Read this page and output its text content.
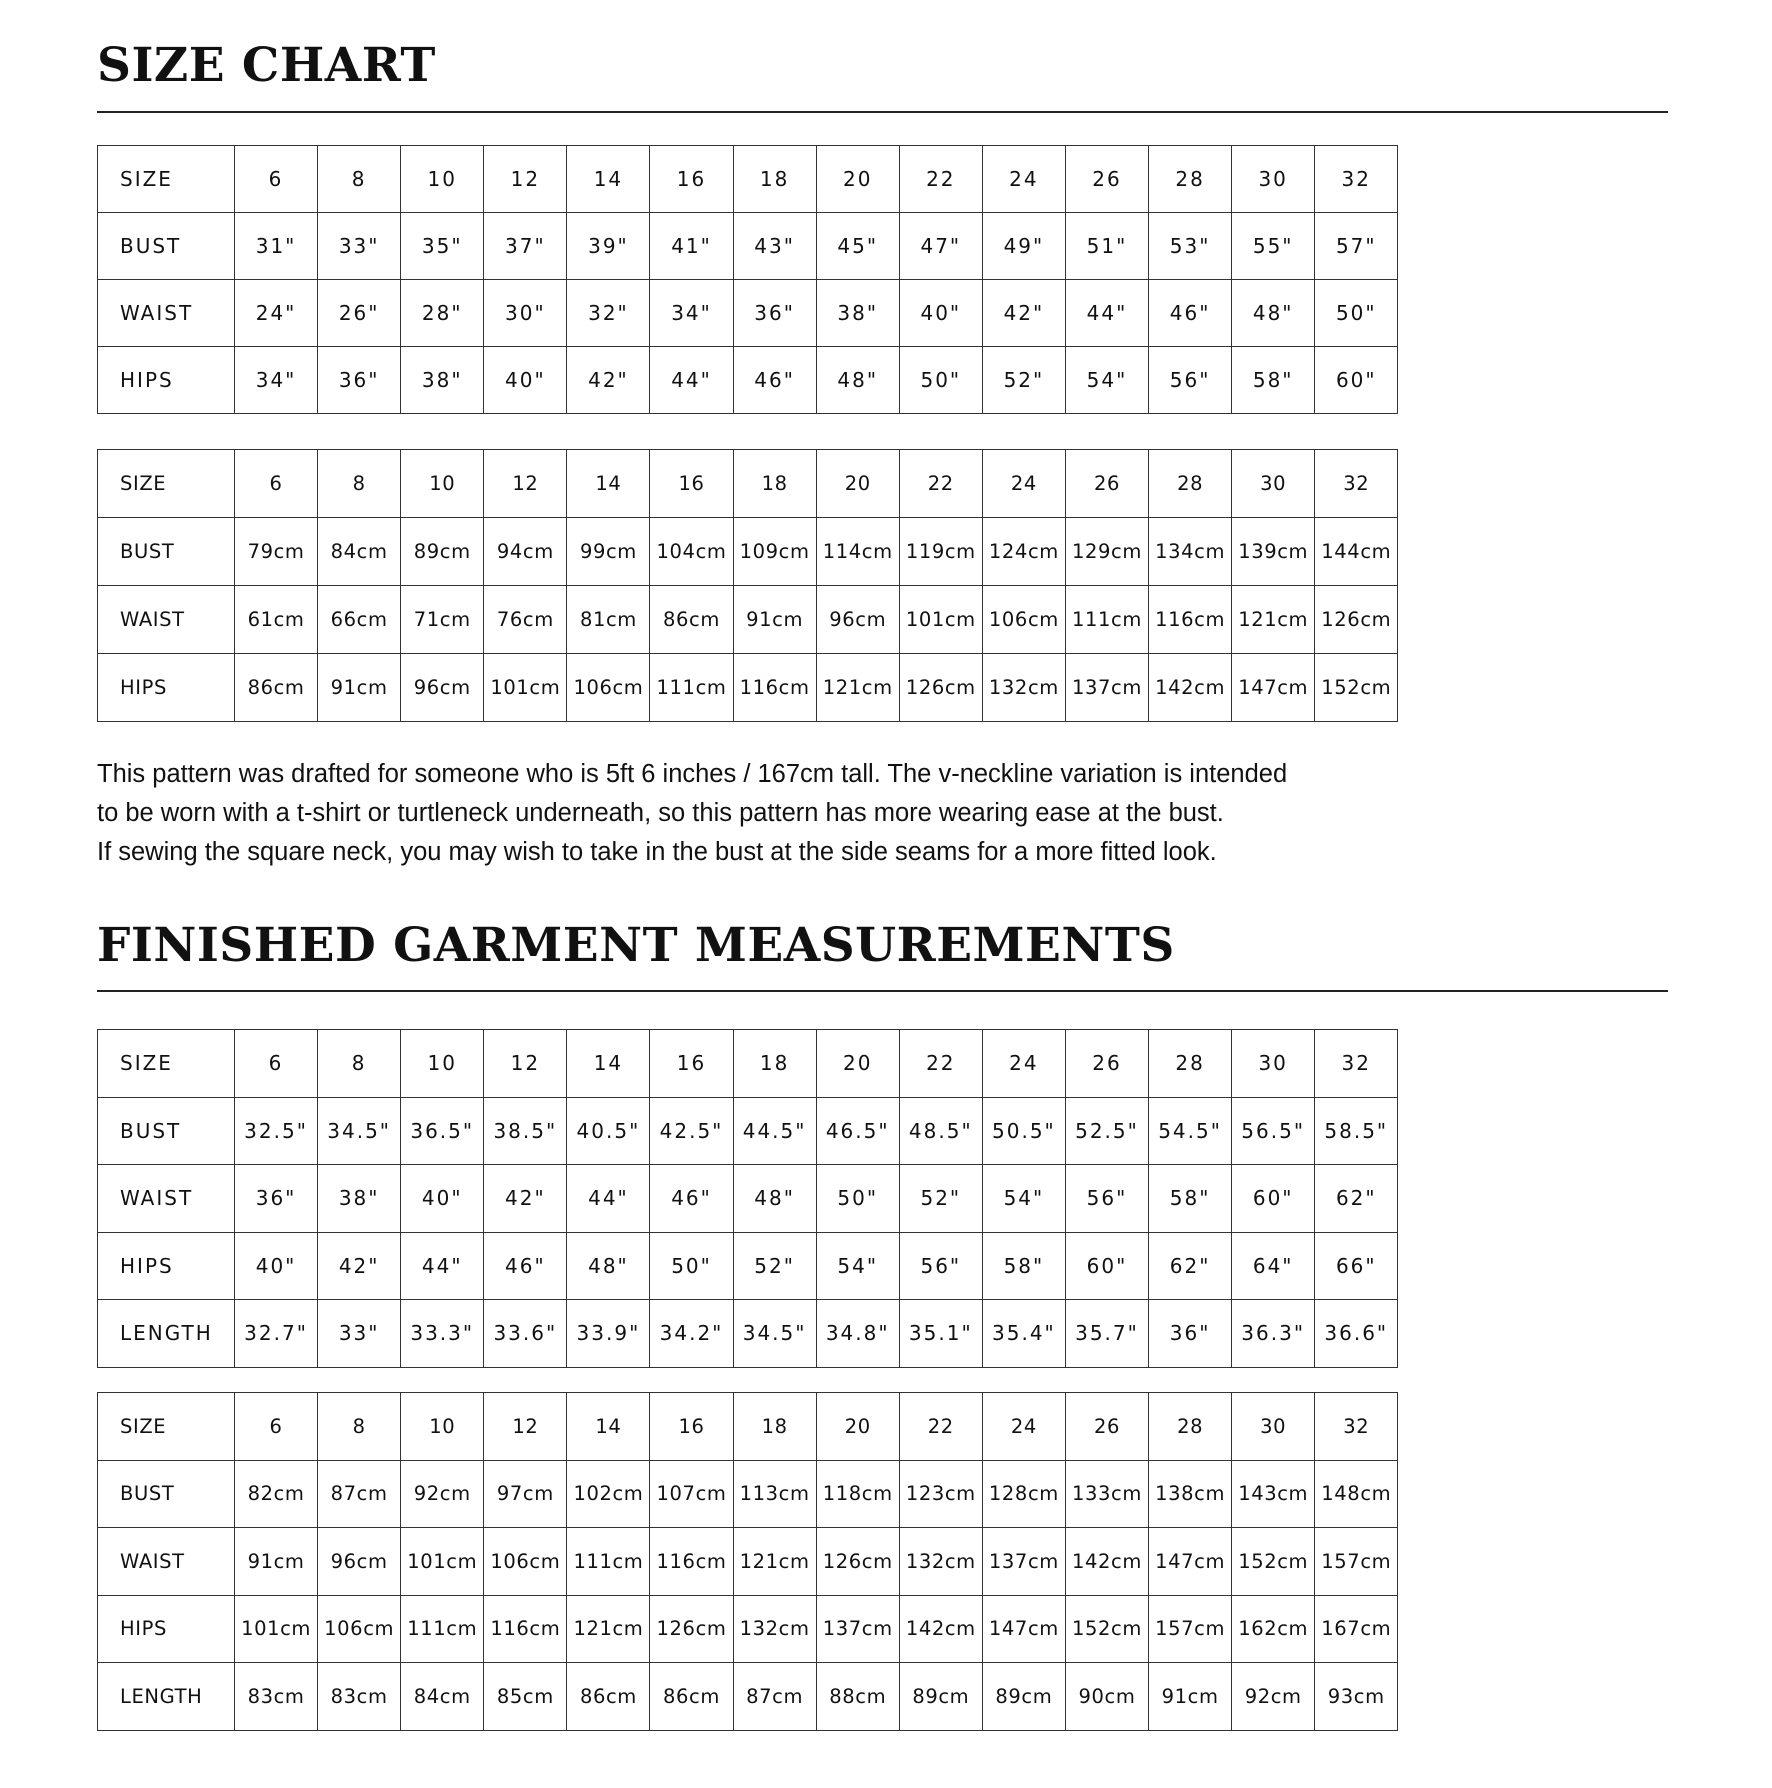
SIZE CHART
SIZE	6	8	10	12	14	16	18	20	22	24	26	28	30	32
BUST	31"	33"	35"	37"	39"	41"	43"	45"	47"	49"	51"	53"	55"	57"
WAIST	24"	26"	28"	30"	32"	34"	36"	38"	40"	42"	44"	46"	48"	50"
HIPS	34"	36"	38"	40"	42"	44"	46"	48"	50"	52"	54"	56"	58"	60"
SIZE	6	8	10	12	14	16	18	20	22	24	26	28	30	32
BUST	79cm	84cm	89cm	94cm	99cm	104cm	109cm	114cm	119cm	124cm	129cm	134cm	139cm	144cm
WAIST	61cm	66cm	71cm	76cm	81cm	86cm	91cm	96cm	101cm	106cm	111cm	116cm	121cm	126cm
HIPS	86cm	91cm	96cm	101cm	106cm	111cm	116cm	121cm	126cm	132cm	137cm	142cm	147cm	152cm

This pattern was drafted for someone who is 5ft 6 inches / 167cm tall. The v-neckline variation is intended

to be worn with a t-shirt or turtleneck underneath, so this pattern has more wearing ease at the bust.

If sewing the square neck, you may wish to take in the bust at the side seams for a more fitted look.

FINISHED GARMENT MEASUREMENTS
SIZE	6	8	10	12	14	16	18	20	22	24	26	28	30	32
BUST	32.5"	34.5"	36.5"	38.5"	40.5"	42.5"	44.5"	46.5"	48.5"	50.5"	52.5"	54.5"	56.5"	58.5"
WAIST	36"	38"	40"	42"	44"	46"	48"	50"	52"	54"	56"	58"	60"	62"
HIPS	40"	42"	44"	46"	48"	50"	52"	54"	56"	58"	60"	62"	64"	66"
LENGTH	32.7"	33"	33.3"	33.6"	33.9"	34.2"	34.5"	34.8"	35.1"	35.4"	35.7"	36"	36.3"	36.6"
SIZE	6	8	10	12	14	16	18	20	22	24	26	28	30	32
BUST	82cm	87cm	92cm	97cm	102cm	107cm	113cm	118cm	123cm	128cm	133cm	138cm	143cm	148cm
WAIST	91cm	96cm	101cm	106cm	111cm	116cm	121cm	126cm	132cm	137cm	142cm	147cm	152cm	157cm
HIPS	101cm	106cm	111cm	116cm	121cm	126cm	132cm	137cm	142cm	147cm	152cm	157cm	162cm	167cm
LENGTH	83cm	83cm	84cm	85cm	86cm	86cm	87cm	88cm	89cm	89cm	90cm	91cm	92cm	93cm
